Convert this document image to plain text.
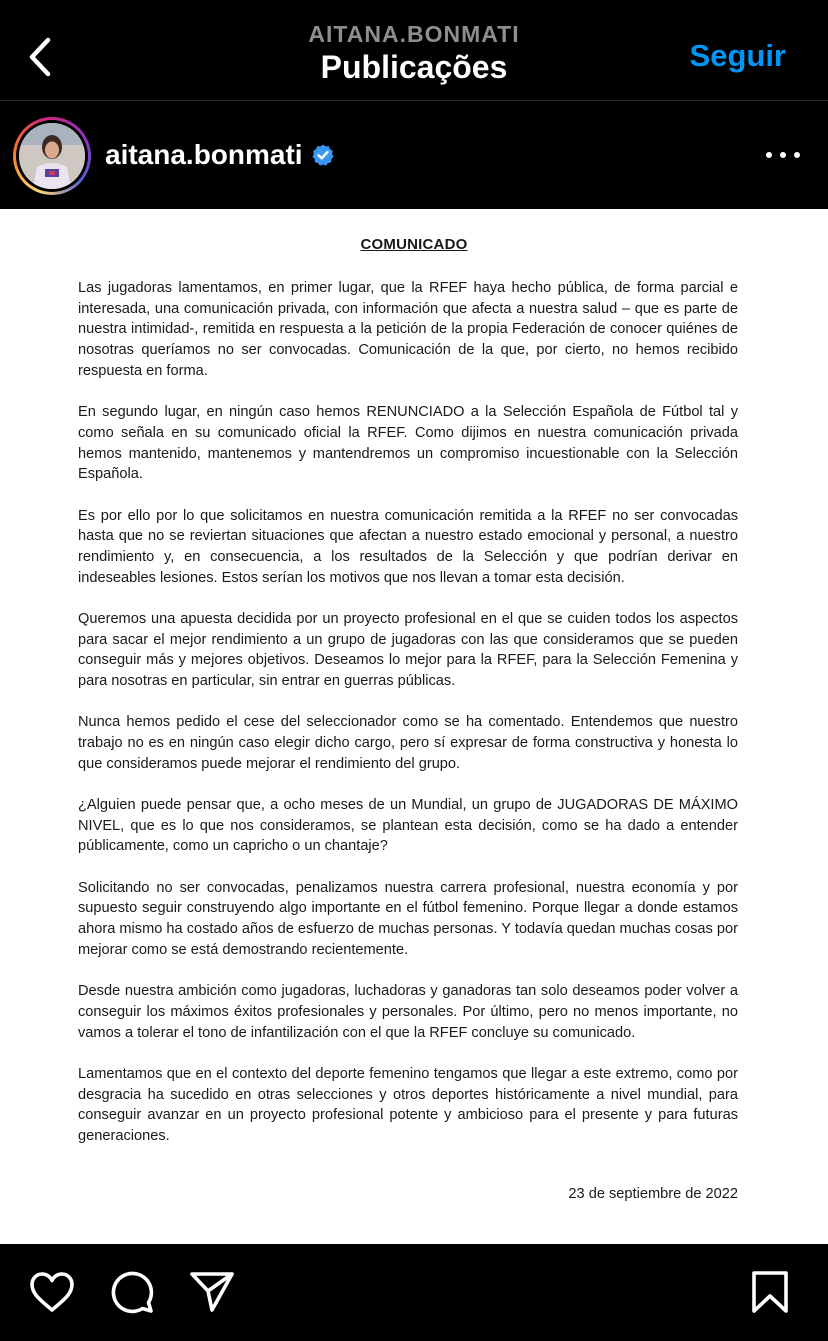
AITANA.BONMATI
Publicações	Seguir
aitana.bonmati
COMUNICADO

Las jugadoras lamentamos, en primer lugar, que la RFEF haya hecho pública, de forma parcial e interesada, una comunicación privada, con información que afecta a nuestra salud – que es parte de nuestra intimidad-, remitida en respuesta a la petición de la propia Federación de conocer quiénes de nosotras queríamos no ser convocadas. Comunicación de la que, por cierto, no hemos recibido respuesta en forma.

En segundo lugar, en ningún caso hemos RENUNCIADO a la Selección Española de Fútbol tal y como señala en su comunicado oficial la RFEF. Como dijimos en nuestra comunicación privada hemos mantenido, mantenemos y mantendremos un compromiso incuestionable con la Selección Española.

Es por ello por lo que solicitamos en nuestra comunicación remitida a la RFEF no ser convocadas hasta que no se reviertan situaciones que afectan a nuestro estado emocional y personal, a nuestro rendimiento y, en consecuencia, a los resultados de la Selección y que podrían derivar en indeseables lesiones. Estos serían los motivos que nos llevan a tomar esta decisión.

Queremos una apuesta decidida por un proyecto profesional en el que se cuiden todos los aspectos para sacar el mejor rendimiento a un grupo de jugadoras con las que consideramos que se pueden conseguir más y mejores objetivos. Deseamos lo mejor para la RFEF, para la Selección Femenina y para nosotras en particular, sin entrar en guerras públicas.

Nunca hemos pedido el cese del seleccionador como se ha comentado. Entendemos que nuestro trabajo no es en ningún caso elegir dicho cargo, pero sí expresar de forma constructiva y honesta lo que consideramos puede mejorar el rendimiento del grupo.

¿Alguien puede pensar que, a ocho meses de un Mundial, un grupo de JUGADORAS DE MÁXIMO NIVEL, que es lo que nos consideramos, se plantean esta decisión, como se ha dado a entender públicamente, como un capricho o un chantaje?

Solicitando no ser convocadas, penalizamos nuestra carrera profesional, nuestra economía y por supuesto seguir construyendo algo importante en el fútbol femenino. Porque llegar a donde estamos ahora mismo ha costado años de esfuerzo de muchas personas. Y todavía quedan muchas cosas por mejorar como se está demostrando recientemente.

Desde nuestra ambición como jugadoras, luchadoras y ganadoras tan solo deseamos poder volver a conseguir los máximos éxitos profesionales y personales. Por último, pero no menos importante, no vamos a tolerar el tono de infantilización con el que la RFEF concluye su comunicado.

Lamentamos que en el contexto del deporte femenino tengamos que llegar a este extremo, como por desgracia ha sucedido en otras selecciones y otros deportes históricamente a nivel mundial, para conseguir avanzar en un proyecto profesional potente y ambicioso para el presente y para futuras generaciones.

23 de septiembre de 2022
